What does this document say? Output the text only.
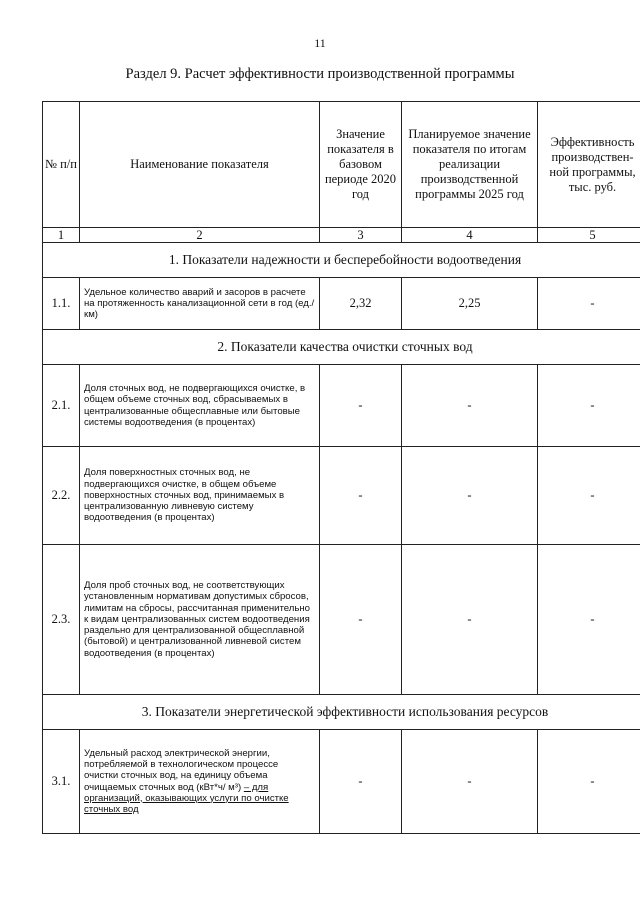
11
Раздел 9. Расчет эффективности производственной программы
№ п/п	Наименование показателя	Значение показателя в базовом периоде 2020 год	Планируемое значение показателя по итогам реализации производственной программы 2025 год	Эффективность производствен-ной программы, тыс. руб.
1	2	3	4	5
1. Показатели надежности и бесперебойности водоотведения				
1.1.	Удельное количество аварий и засоров в расчете на протяженность канализационной сети в год (ед./км)	2,32	2,25	-
2. Показатели качества очистки сточных вод				
2.1.	Доля сточных вод, не подвергающихся очистке, в общем объеме сточных вод, сбрасываемых в централизованные общесплавные или бытовые системы водоотведения (в процентах)	-	-	-
2.2.	Доля поверхностных сточных вод, не подвергающихся очистке, в общем объеме поверхностных сточных вод, принимаемых в централизованную ливневую систему водоотведения (в процентах)	-	-	-
2.3.	Доля проб сточных вод, не соответствующих установленным нормативам допустимых сбросов, лимитам на сбросы, рассчитанная применительно к видам централизованных систем водоотведения раздельно для централизованной общесплавной (бытовой) и централизованной ливневой систем водоотведения (в процентах)	-	-	-
3. Показатели энергетической эффективности использования ресурсов				
3.1.	Удельный расход электрической энергии, потребляемой в технологическом процессе очистки сточных вод, на единицу объема очищаемых сточных вод (кВт*ч/ м³) – для организаций, оказывающих услуги по очистке сточных вод	-	-	-
